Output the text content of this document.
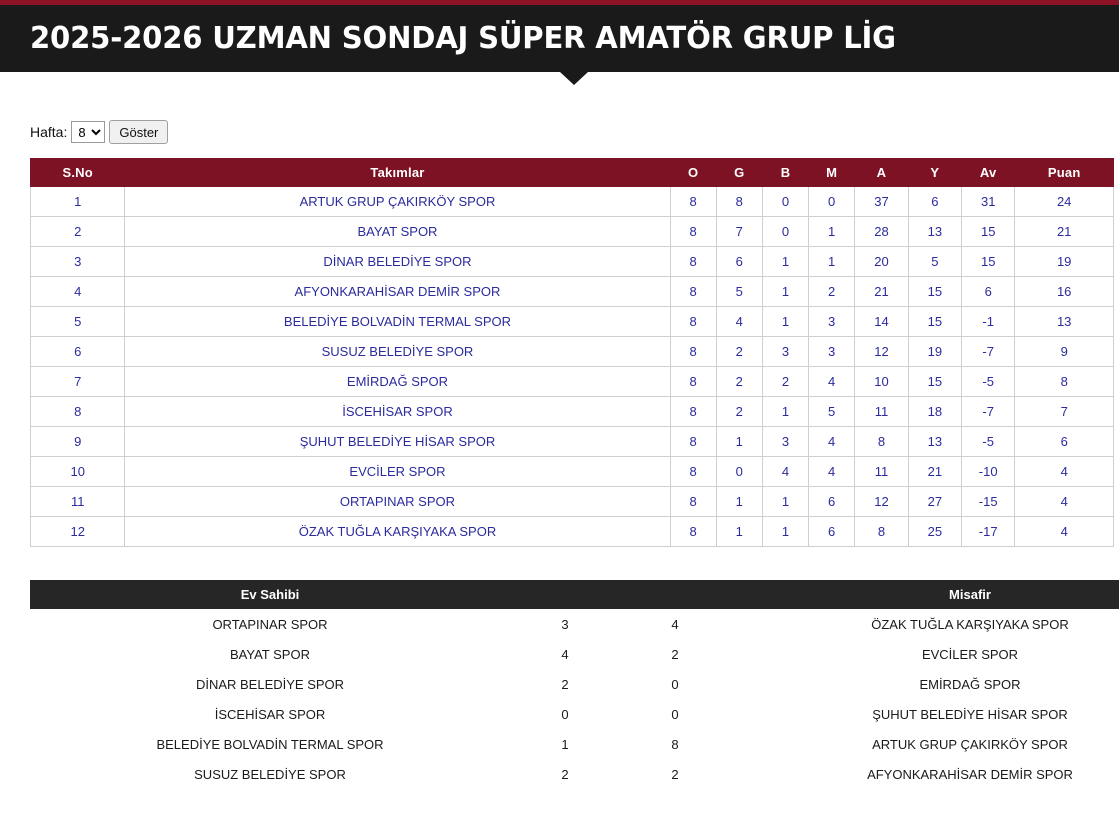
2025-2026 UZMAN SONDAJ SÜPER AMATÖR GRUP LİG
Hafta:
8	Göster
S.No	Takımlar	O	G	B	M	A	Y	Av	Puan
1	ARTUK GRUP ÇAKIRKÖY SPOR	8	8	0	0	37	6	31	24
2	BAYAT SPOR	8	7	0	1	28	13	15	21
3	DİNAR BELEDİYE SPOR	8	6	1	1	20	5	15	19
4	AFYONKARAHİSAR DEMİR SPOR	8	5	1	2	21	15	6	16
5	BELEDİYE BOLVADİN TERMAL SPOR	8	4	1	3	14	15	-1	13
6	SUSUZ BELEDİYE SPOR	8	2	3	3	12	19	-7	9
7	EMİRDAĞ SPOR	8	2	2	4	10	15	-5	8
8	İSCEHİSAR SPOR	8	2	1	5	11	18	-7	7
9	ŞUHUT BELEDİYE HİSAR SPOR	8	1	3	4	8	13	-5	6
10	EVCİLER SPOR	8	0	4	4	11	21	-10	4
11	ORTAPINAR SPOR	8	1	1	6	12	27	-15	4
12	ÖZAK TUĞLA KARŞIYAKA SPOR	8	1	1	6	8	25	-17	4
Ev Sahibi			Misafir
ORTAPINAR SPOR	3	4	ÖZAK TUĞLA KARŞIYAKA SPOR
BAYAT SPOR	4	2	EVCİLER SPOR
DİNAR BELEDİYE SPOR	2	0	EMİRDAĞ SPOR
İSCEHİSAR SPOR	0	0	ŞUHUT BELEDİYE HİSAR SPOR
BELEDİYE BOLVADİN TERMAL SPOR	1	8	ARTUK GRUP ÇAKIRKÖY SPOR
SUSUZ BELEDİYE SPOR	2	2	AFYONKARAHİSAR DEMİR SPOR
